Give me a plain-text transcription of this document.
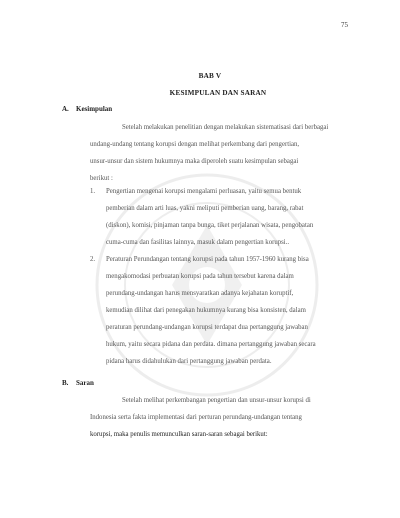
75
BAB V
KESIMPULAN DAN SARAN
A. Kesimpulan
Setelah melakukan penelitian dengan melakukan sistematisasi dari berbagai
undang-undang tentang korupsi dengan melihat perkembang dari pengertian,
unsur-unsur dan sistem hukumnya maka diperoleh suatu kesimpulan sebagai
berikut :
1. Pengertian mengenai korupsi mengalami perluasan, yaitu semua bentuk
pemberian dalam arti luas, yakni meliputi pemberian uang, barang, rabat
(diskon), komisi, pinjaman tanpa bunga, tiket perjalanan wisata, pengobatan
cuma-cuma dan fasilitas lainnya, masuk dalam pengertian korupsi..
2. Peraturan Perundangan tentang korupsi pada tahun 1957-1960 kurang bisa
mengakomodasi perbuatan korupsi pada tahun tersebut karena dalam
perundang-undangan harus mensyaratkan adanya kejahatan koruptif,
kemudian dilihat dari penegakan hukumnya kurang bisa konsisten, dalam
peraturan perundang-undangan korupsi terdapat dua pertanggung jawaban
hukum, yaitu secara pidana dan perdata. dimana pertanggung jawaban secara
pidana harus didahulukan dari pertanggung jawaban perdata.
B. Saran
Setelah melihat perkembangan pengertian dan unsur-unsur korupsi di
Indonesia serta fakta implementasi dari perturan perundang-undangan tentang
korupsi, maka penulis memunculkan saran-saran sebagai berikut:
